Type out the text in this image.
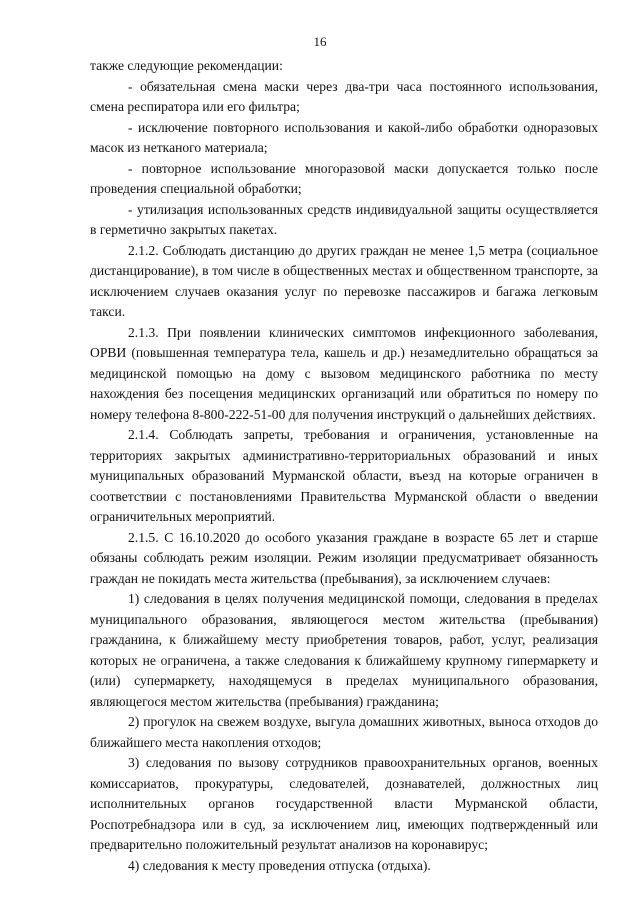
16

также следующие рекомендации:

- обязательная смена маски через два-три часа постоянного использования, смена респиратора или его фильтра;

- исключение повторного использования и какой-либо обработки одноразовых масок из нетканого материала;

- повторное использование многоразовой маски допускается только после проведения специальной обработки;

- утилизация использованных средств индивидуальной защиты осуществляется в герметично закрытых пакетах.

2.1.2. Соблюдать дистанцию до других граждан не менее 1,5 метра (социальное дистанцирование), в том числе в общественных местах и общественном транспорте, за исключением случаев оказания услуг по перевозке пассажиров и багажа легковым такси.

2.1.3. При появлении клинических симптомов инфекционного заболевания, ОРВИ (повышенная температура тела, кашель и др.) незамедлительно обращаться за медицинской помощью на дому с вызовом медицинского работника по месту нахождения без посещения медицинских организаций или обратиться по номеру по номеру телефона 8-800-222-51-00 для получения инструкций о дальнейших действиях.

2.1.4. Соблюдать запреты, требования и ограничения, установленные на территориях закрытых административно-территориальных образований и иных муниципальных образований Мурманской области, въезд на которые ограничен в соответствии с постановлениями Правительства Мурманской области о введении ограничительных мероприятий.

2.1.5. С 16.10.2020 до особого указания граждане в возрасте 65 лет и старше обязаны соблюдать режим изоляции. Режим изоляции предусматривает обязанность граждан не покидать места жительства (пребывания), за исключением случаев:

1) следования в целях получения медицинской помощи, следования в пределах муниципального образования, являющегося местом жительства (пребывания) гражданина, к ближайшему месту приобретения товаров, работ, услуг, реализация которых не ограничена, а также следования к ближайшему крупному гипермаркету и (или) супермаркету, находящемуся в пределах муниципального образования, являющегося местом жительства (пребывания) гражданина;

2) прогулок на свежем воздухе, выгула домашних животных, выноса отходов до ближайшего места накопления отходов;

3) следования по вызову сотрудников правоохранительных органов, военных комиссариатов, прокуратуры, следователей, дознавателей, должностных лиц исполнительных органов государственной власти Мурманской области, Роспотребнадзора или в суд, за исключением лиц, имеющих подтвержденный или предварительно положительный результат анализов на коронавирус;

4) следования к месту проведения отпуска (отдыха).
